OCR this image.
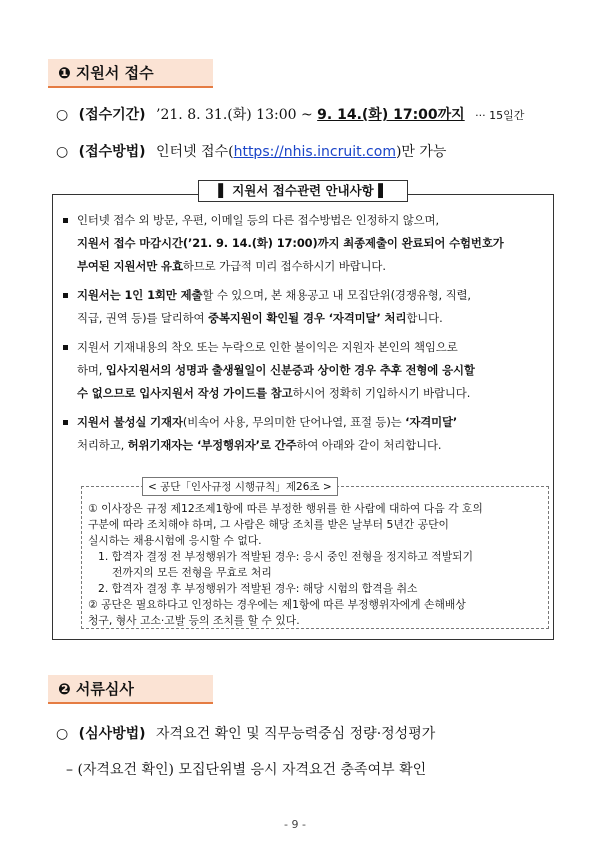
❶ 지원서 접수
○ (접수기간) ’21. 8. 31.(화) 13:00 ~ 9. 14.(화) 17:00까지 ··· 15일간
○ (접수방법) 인터넷 접수(https://nhis.incruit.com)만 가능
인터넷 접수 외 방문, 우편, 이메일 등의 다른 접수방법은 인정하지 않으며,
지원서 접수 마감시간(’21. 9. 14.(화) 17:00)까지 최종제출이 완료되어 수험번호가
부여된 지원서만 유효하므로 가급적 미리 접수하시기 바랍니다.
지원서는 1인 1회만 제출할 수 있으며, 본 채용공고 내 모집단위(경쟁유형, 직렬,
직급, 권역 등)를 달리하여 중복지원이 확인될 경우 ‘자격미달’ 처리합니다.
지원서 기재내용의 착오 또는 누락으로 인한 불이익은 지원자 본인의 책임으로
하며, 입사지원서의 성명과 출생월일이 신분증과 상이한 경우 추후 전형에 응시할
수 없으므로 입사지원서 작성 가이드를 참고하시어 정확히 기입하시기 바랍니다.
지원서 불성실 기재자(비속어 사용, 무의미한 단어나열, 표절 등)는 ‘자격미달’
처리하고, 허위기재자는 ‘부정행위자’로 간주하여 아래와 같이 처리합니다.
< 공단「인사규정 시행규칙」제26조 >
① 이사장은 규정 제12조제1항에 따른 부정한 행위를 한 사람에 대하여 다음 각 호의
구분에 따라 조치해야 하며, 그 사람은 해당 조치를 받은 날부터 5년간 공단이
실시하는 채용시험에 응시할 수 없다.
1. 합격자 결정 전 부정행위가 적발된 경우: 응시 중인 전형을 정지하고 적발되기
전까지의 모든 전형을 무효로 처리
2. 합격자 결정 후 부정행위가 적발된 경우: 해당 시험의 합격을 취소
② 공단은 필요하다고 인정하는 경우에는 제1항에 따른 부정행위자에게 손해배상
청구, 형사 고소·고발 등의 조치를 할 수 있다.
▌ 지원서 접수관련 안내사항 ▌
❷ 서류심사
○ (심사방법) 자격요건 확인 및 직무능력중심 정량·정성평가
– (자격요건 확인) 모집단위별 응시 자격요건 충족여부 확인
- 9 -
